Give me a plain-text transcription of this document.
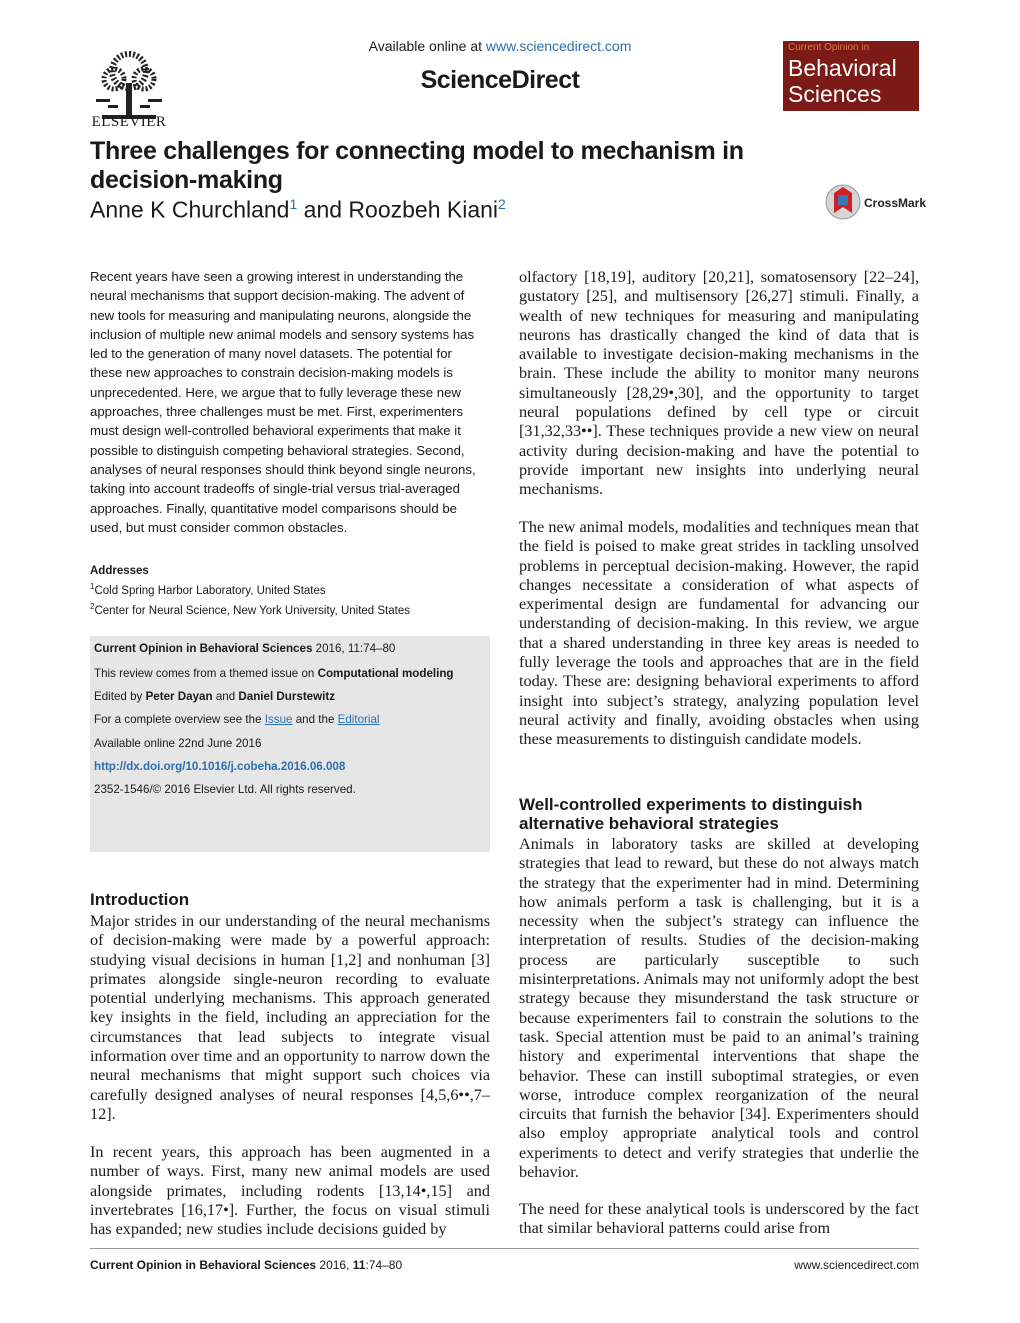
ELSEVIER
Available online at www.sciencedirect.com
ScienceDirect
Current Opinion in
Behavioral
Sciences
Three challenges for connecting model to mechanism in decision-making
Anne K Churchland$^1$ and Roozbeh Kiani$^2$	CrossMark
Recent years have seen a growing interest in understanding the neural mechanisms that support decision-making. The advent of new tools for measuring and manipulating neurons, alongside the inclusion of multiple new animal models and sensory systems has led to the generation of many novel datasets. The potential for these new approaches to constrain decision-making models is unprecedented. Here, we argue that to fully leverage these new approaches, three challenges must be met. First, experimenters must design well-controlled behavioral experiments that make it possible to distinguish competing behavioral strategies. Second, analyses of neural responses should think beyond single neurons, taking into account tradeoffs of single-trial versus trial-averaged approaches. Finally, quantitative model comparisons should be used, but must consider common obstacles.
Addresses
$^1$Cold Spring Harbor Laboratory, United States
$^2$Center for Neural Science, New York University, United States
Current Opinion in Behavioral Sciences 2016, 11:74–80
This review comes from a themed issue on Computational modeling
Edited by Peter Dayan and Daniel Durstewitz
For a complete overview see the Issue and the Editorial
Available online 22nd June 2016
http://dx.doi.org/10.1016/j.cobeha.2016.06.008
2352-1546/© 2016 Elsevier Ltd. All rights reserved.
Introduction
Major strides in our understanding of the neural mechanisms of decision-making were made by a powerful approach: studying visual decisions in human [1,2] and nonhuman [3] primates alongside single-neuron recording to evaluate potential underlying mechanisms. This approach generated key insights in the field, including an appreciation for the circumstances that lead subjects to integrate visual information over time and an opportunity to narrow down the neural mechanisms that might support such choices via carefully designed analyses of neural responses [4,5,6••,7–12].
In recent years, this approach has been augmented in a number of ways. First, many new animal models are used alongside primates, including rodents [13,14•,15] and invertebrates [16,17•]. Further, the focus on visual stimuli has expanded; new studies include decisions guided by
olfactory [18,19], auditory [20,21], somatosensory [22–24], gustatory [25], and multisensory [26,27] stimuli. Finally, a wealth of new techniques for measuring and manipulating neurons has drastically changed the kind of data that is available to investigate decision-making mechanisms in the brain. These include the ability to monitor many neurons simultaneously [28,29•,30], and the opportunity to target neural populations defined by cell type or circuit [31,32,33••]. These techniques provide a new view on neural activity during decision-making and have the potential to provide important new insights into underlying neural mechanisms.
The new animal models, modalities and techniques mean that the field is poised to make great strides in tackling unsolved problems in perceptual decision-making. However, the rapid changes necessitate a consideration of what aspects of experimental design are fundamental for advancing our understanding of decision-making. In this review, we argue that a shared understanding in three key areas is needed to fully leverage the tools and approaches that are in the field today. These are: designing behavioral experiments to afford insight into subject’s strategy, analyzing population level neural activity and finally, avoiding obstacles when using these measurements to distinguish candidate models.
Well-controlled experiments to distinguish alternative behavioral strategies
Animals in laboratory tasks are skilled at developing strategies that lead to reward, but these do not always match the strategy that the experimenter had in mind. Determining how animals perform a task is challenging, but it is a necessity when the subject’s strategy can influence the interpretation of results. Studies of the decision-making process are particularly susceptible to such misinterpretations. Animals may not uniformly adopt the best strategy because they misunderstand the task structure or because experimenters fail to constrain the solutions to the task. Special attention must be paid to an animal’s training history and experimental interventions that shape the behavior. These can instill suboptimal strategies, or even worse, introduce complex reorganization of the neural circuits that furnish the behavior [34]. Experimenters should also employ appropriate analytical tools and control experiments to detect and verify strategies that underlie the behavior.
The need for these analytical tools is underscored by the fact that similar behavioral patterns could arise from
Current Opinion in Behavioral Sciences 2016, 11:74–80	www.sciencedirect.com
